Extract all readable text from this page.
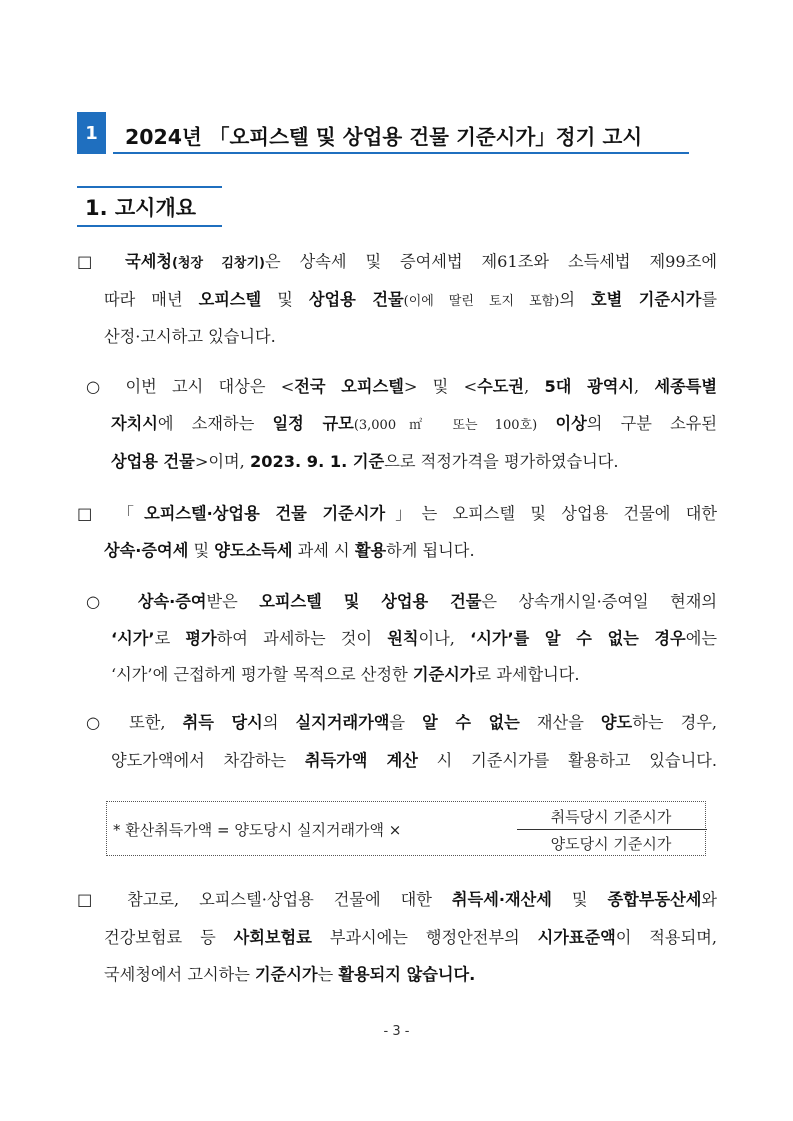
1	2024년 「오피스텔 및 상업용 건물 기준시가」정기 고시
1. 고시개요
□ 국세청(청장 김창기)은 상속세 및 증여세법 제61조와 소득세법 제99조에
따라 매년 오피스텔 및 상업용 건물(이에 딸린 토지 포함)의 호별 기준시가를
산정·고시하고 있습니다.
○ 이번 고시 대상은 <전국 오피스텔> 및 <수도권, 5대 광역시, 세종특별
자치시에 소재하는 일정 규모(3,000㎡ 또는 100호) 이상의 구분 소유된
상업용 건물>이며, 2023. 9. 1. 기준으로 적정가격을 평가하였습니다.
□ 「오피스텔·상업용 건물 기준시가」는 오피스텔 및 상업용 건물에 대한
상속·증여세 및 양도소득세 과세 시 활용하게 됩니다.
○ 상속·증여받은 오피스텔 및 상업용 건물은 상속개시일·증여일 현재의
‘시가’로 평가하여 과세하는 것이 원칙이나, ‘시가’를 알 수 없는 경우에는
‘시가’에 근접하게 평가할 목적으로 산정한 기준시가로 과세합니다.
○ 또한, 취득 당시의 실지거래가액을 알 수 없는 재산을 양도하는 경우,
양도가액에서 차감하는 취득가액 계산 시 기준시가를 활용하고 있습니다.
* 환산취득가액 = 양도당시 실지거래가액 ×
취득당시 기준시가
양도당시 기준시가
□ 참고로, 오피스텔·상업용 건물에 대한 취득세·재산세 및 종합부동산세와
건강보험료 등 사회보험료 부과시에는 행정안전부의 시가표준액이 적용되며,
국세청에서 고시하는 기준시가는 활용되지 않습니다.
- 3 -
